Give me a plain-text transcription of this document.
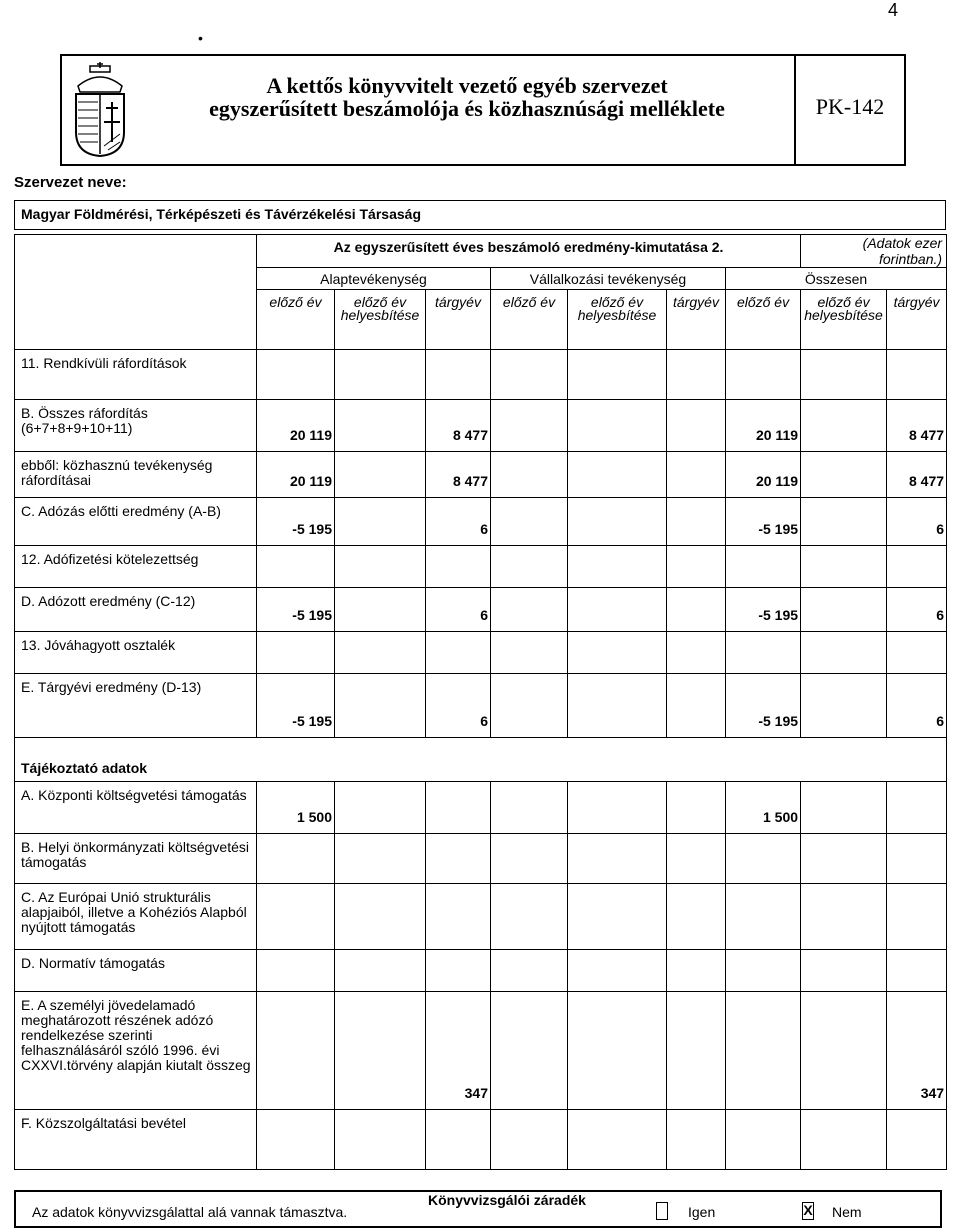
4
•
A kettős könyvvitelt vezető egyéb szervezet
egyszerűsített beszámolója és közhasznúsági melléklete	PK-142
Szervezet neve:
Magyar Földmérési, Térképészeti és Távérzékelési Társaság
	Az egyszerűsített éves beszámoló eredmény-kimutatása 2.							(Adatok ezer forintban.)	
	Alaptevékenység			Vállalkozási tevékenység			Összesen		
	előző év	előző év helyesbítése	tárgyév	előző év	előző év helyesbítése	tárgyév	előző év	előző év helyesbítése	tárgyév
11. Rendkívüli ráfordítások									
B. Összes ráfordítás (6+7+8+9+10+11)	20 119		8 477				20 119		8 477
ebből: közhasznú tevékenység ráfordításai	20 119		8 477				20 119		8 477
C. Adózás előtti eredmény (A-B)	-5 195		6				-5 195		6
12. Adófizetési kötelezettség									
D. Adózott eredmény (C-12)	-5 195		6				-5 195		6
13. Jóváhagyott osztalék									
E. Tárgyévi eredmény (D-13)	-5 195		6				-5 195		6
Tájékoztató adatok									
A. Központi költségvetési támogatás	1 500						1 500		
B. Helyi önkormányzati költségvetési támogatás									
C. Az Európai Unió strukturális alapjaiból, illetve a Kohéziós Alapból nyújtott támogatás									
D. Normatív támogatás									
E. A személyi jövedelamadó meghatározott részének adózó rendelkezése szerinti felhasználásáról szóló 1996. évi CXXVI.törvény alapján kiutalt összeg			347						347
F. Közszolgáltatási bevétel									
Az adatok könyvvizsgálattal alá vannak támasztva.
Könyvvizsgálói záradék
Igen	X Nem
